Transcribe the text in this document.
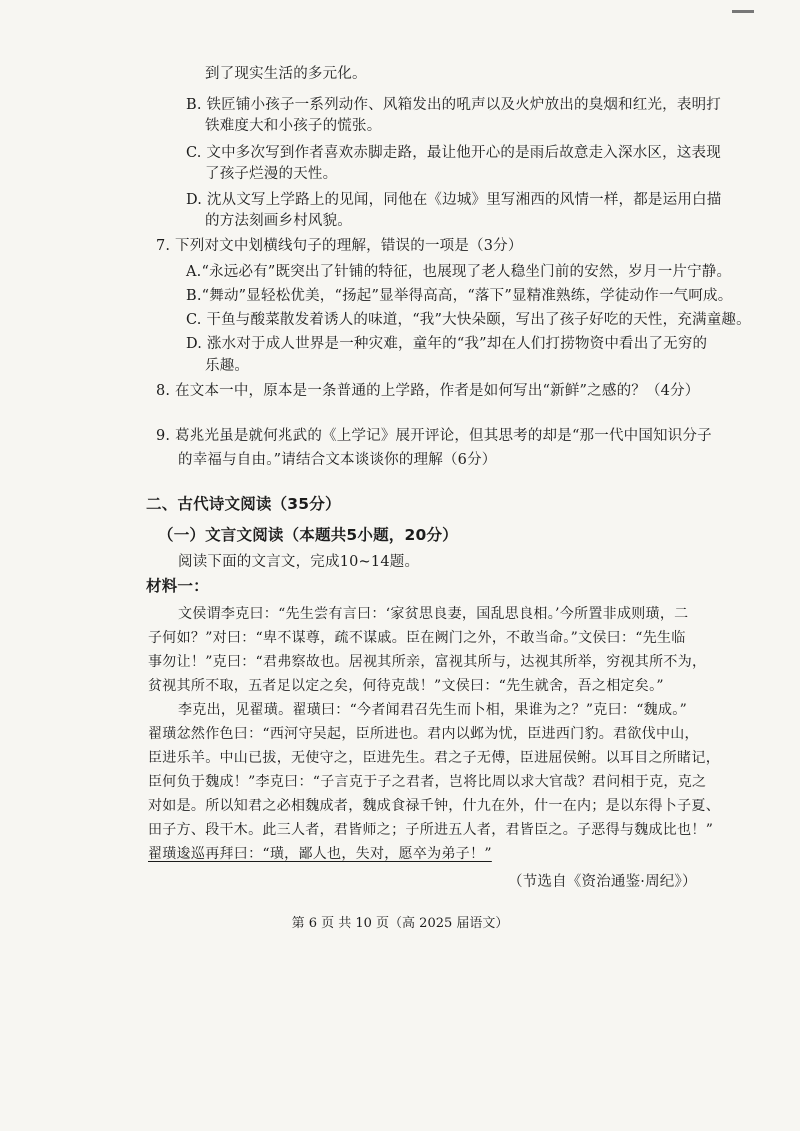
到了现实生活的多元化。
B. 铁匠铺小孩子一系列动作、风箱发出的吼声以及火炉放出的臭烟和红光，表明打
铁难度大和小孩子的慌张。
C. 文中多次写到作者喜欢赤脚走路，最让他开心的是雨后故意走入深水区，这表现
了孩子烂漫的天性。
D. 沈从文写上学路上的见闻，同他在《边城》里写湘西的风情一样，都是运用白描
的方法刻画乡村风貌。
7. 下列对文中划横线句子的理解，错误的一项是（3分）
A.“永远必有”既突出了针铺的特征，也展现了老人稳坐门前的安然，岁月一片宁静。
B.“舞动”显轻松优美，“扬起”显举得高高，“落下”显精准熟练，学徒动作一气呵成。
C. 干鱼与酸菜散发着诱人的味道，“我”大快朵颐，写出了孩子好吃的天性，充满童趣。
D. 涨水对于成人世界是一种灾难，童年的“我”却在人们打捞物资中看出了无穷的
乐趣。
8. 在文本一中，原本是一条普通的上学路，作者是如何写出“新鲜”之感的？（4分）
9. 葛兆光虽是就何兆武的《上学记》展开评论，但其思考的却是“那一代中国知识分子
的幸福与自由。”请结合文本谈谈你的理解（6分）
二、古代诗文阅读（35分）
（一）文言文阅读（本题共5小题，20分）
阅读下面的文言文，完成10~14题。
材料一：
文侯谓李克曰：“先生尝有言曰：‘家贫思良妻，国乱思良相。’今所置非成则璜，二
子何如？”对曰：“卑不谋尊，疏不谋戚。臣在阙门之外，不敢当命。”文侯曰：“先生临
事勿让！”克曰：“君弗察故也。居视其所亲，富视其所与，达视其所举，穷视其所不为，
贫视其所不取，五者足以定之矣，何待克哉！”文侯曰：“先生就舍，吾之相定矣。”
李克出，见翟璜。翟璜曰：“今者闻君召先生而卜相，果谁为之？”克曰：“魏成。”
翟璜忿然作色曰：“西河守吴起，臣所进也。君内以邺为忧，臣进西门豹。君欲伐中山，
臣进乐羊。中山已拔，无使守之，臣进先生。君之子无傅，臣进屈侯鲋。以耳目之所睹记，
臣何负于魏成！”李克曰：“子言克于子之君者，岂将比周以求大官哉？君问相于克，克之
对如是。所以知君之必相魏成者，魏成食禄千钟，什九在外，什一在内；是以东得卜子夏、
田子方、段干木。此三人者，君皆师之；子所进五人者，君皆臣之。子恶得与魏成比也！”
翟璜逡巡再拜曰：“璜，鄙人也，失对，愿卒为弟子！”
（节选自《资治通鉴·周纪》）
第 6 页 共 10 页（高 2025 届语文）
